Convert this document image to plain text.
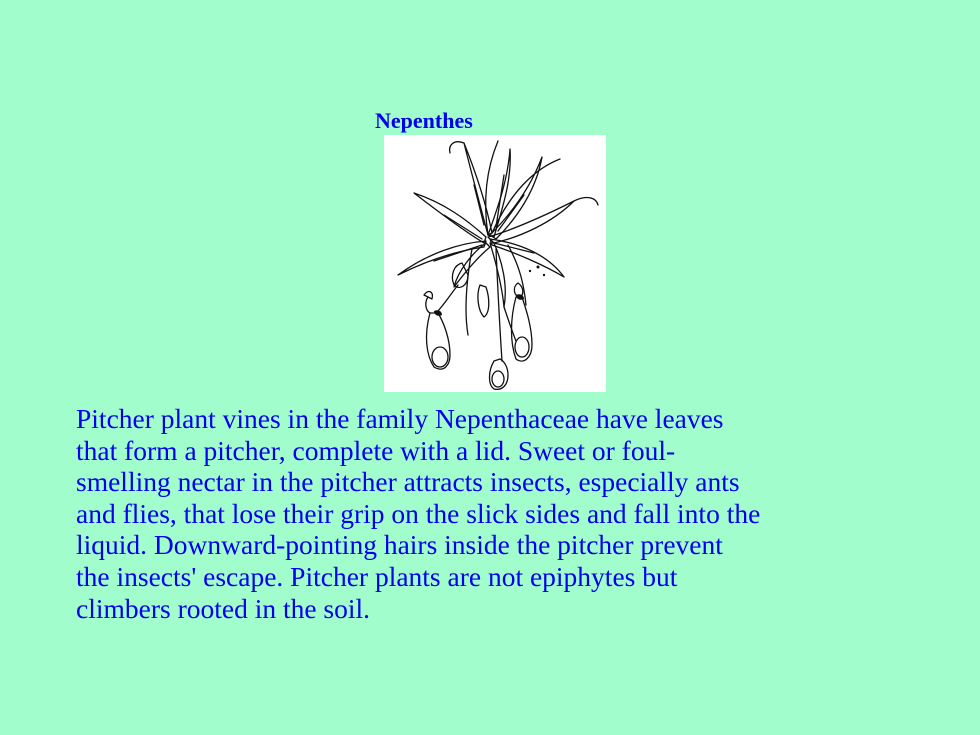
Nepenthes
Pitcher plant vines in the family Nepenthaceae have leaves
that form a pitcher, complete with a lid. Sweet or foul-
smelling nectar in the pitcher attracts insects, especially ants
and flies, that lose their grip on the slick sides and fall into the
liquid. Downward-pointing hairs inside the pitcher prevent
the insects' escape. Pitcher plants are not epiphytes but
climbers rooted in the soil.
